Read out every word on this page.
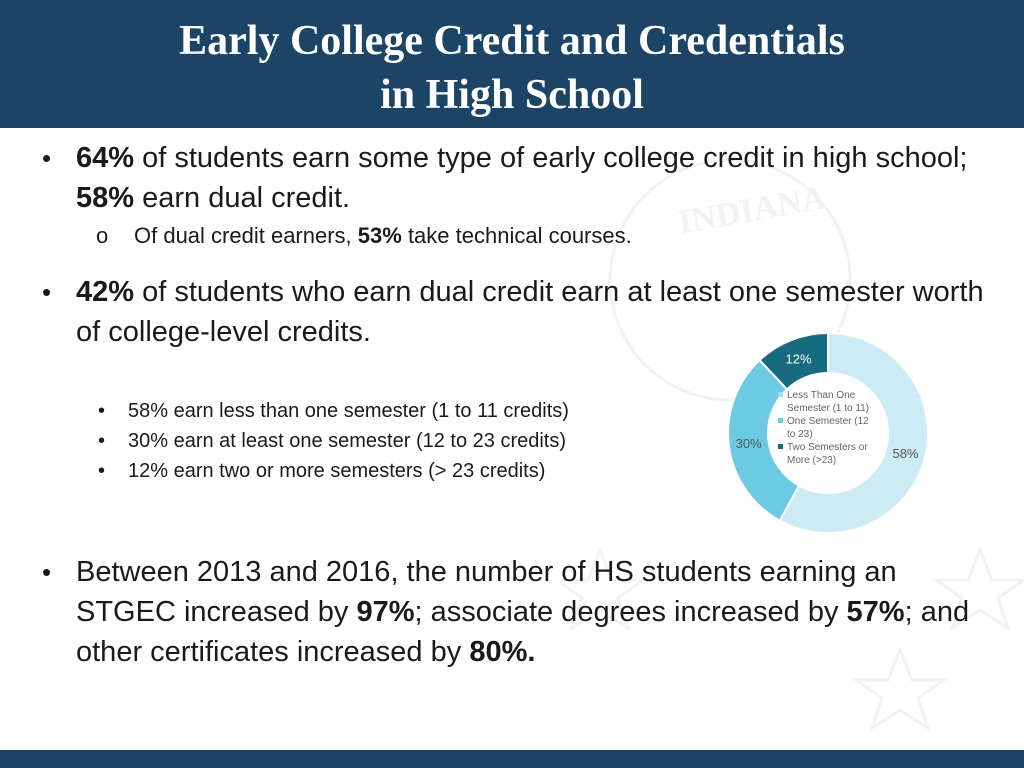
Early College Credit and Credentials
in High School
INDIANA
• 64% of students earn some type of early college credit in high school; 58% earn dual credit.
o Of dual credit earners, 53% take technical courses.
• 42% of students who earn dual credit earn at least one semester worth of college-level credits.
• 58% earn less than one semester (1 to 11 credits)
• 30% earn at least one semester (12 to 23 credits)
• 12% earn two or more semesters (> 23 credits)
58%
30%
12%
Less Than One
Semester (1 to 11)
One Semester (12
to 23)
Two Semesters or
More (>23)
• Between 2013 and 2016, the number of HS students earning an STGEC increased by 97%; associate degrees increased by 57%; and other certificates increased by 80%.
